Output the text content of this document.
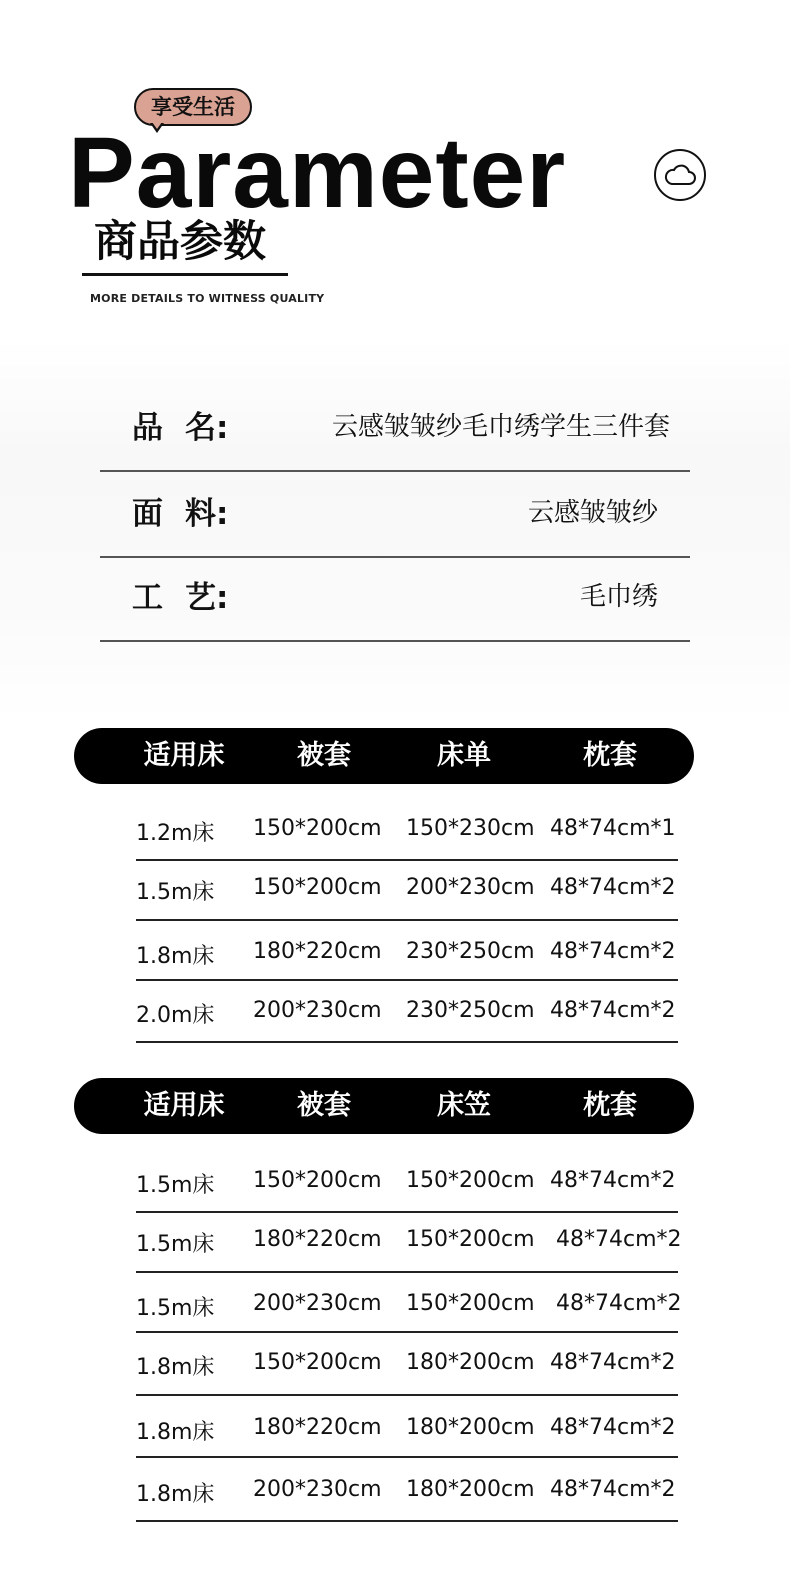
享受生活
Parameter
商品参数
MORE DETAILS TO WITNESS QUALITY
品 名:	云感皱皱纱毛巾绣学生三件套
面 料:	云感皱皱纱
工 艺:	毛巾绣
适用床	被套	床单	枕套
1.2m床 150*200cm 150*230cm 48*74cm*1
1.5m床 150*200cm 200*230cm 48*74cm*2
1.8m床 180*220cm 230*250cm 48*74cm*2
2.0m床 200*230cm 230*250cm 48*74cm*2
适用床	被套	床笠	枕套
1.5m床 150*200cm 150*200cm 48*74cm*2
1.5m床 180*220cm 150*200cm 48*74cm*2
1.5m床 200*230cm 150*200cm 48*74cm*2
1.8m床 150*200cm 180*200cm 48*74cm*2
1.8m床 180*220cm 180*200cm 48*74cm*2
1.8m床 200*230cm 180*200cm 48*74cm*2
